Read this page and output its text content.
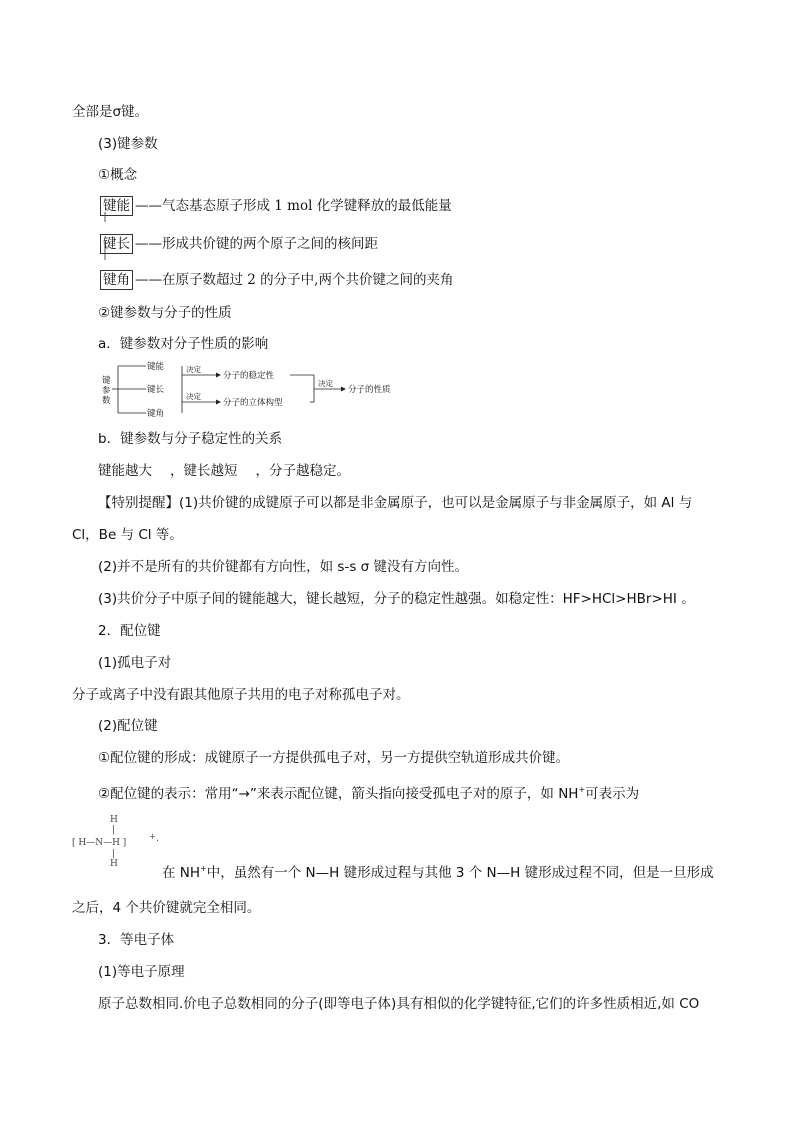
全部是σ键。
(3)键参数
①概念
键能 ——气态基态原子形成 1 mol 化学键释放的最低能量
键长 ——形成共价键的两个原子之间的核间距
键角 ——在原子数超过 2 的分子中,两个共价键之间的夹角
②键参数与分子的性质
a．键参数对分子性质的影响
键
参
数
键能
键长
键角
决定
决定
分子的稳定性
分子的立体构型
决定
分子的性质
b．键参数与分子稳定性的关系
键能越大 ，键长越短 ，分子越稳定。
【特别提醒】(1)共价键的成键原子可以都是非金属原子，也可以是金属原子与非金属原子，如 Al 与
Cl，Be 与 Cl 等。
(2)并不是所有的共价键都有方向性，如 s-s σ 键没有方向性。
(3)共价分子中原子间的键能越大，键长越短，分子的稳定性越强。如稳定性：HF>HCl>HBr>HI 。
2．配位键
(1)孤电子对
分子或离子中没有跟其他原子共用的电子对称孤电子对。
(2)配位键
①配位键的形成：成键原子一方提供孤电子对，另一方提供空轨道形成共价键。
②配位键的表示：常用“→”来表示配位键，箭头指向接受孤电子对的原子，如 NH+可表示为
H
|
[ H—N—H ]
+ .
|
H
在 NH+中，虽然有一个 N—H 键形成过程与其他 3 个 N—H 键形成过程不同，但是一旦形成
之后，4 个共价键就完全相同。
3．等电子体
(1)等电子原理
原子总数相同.价电子总数相同的分子(即等电子体)具有相似的化学键特征,它们的许多性质相近,如 CO
